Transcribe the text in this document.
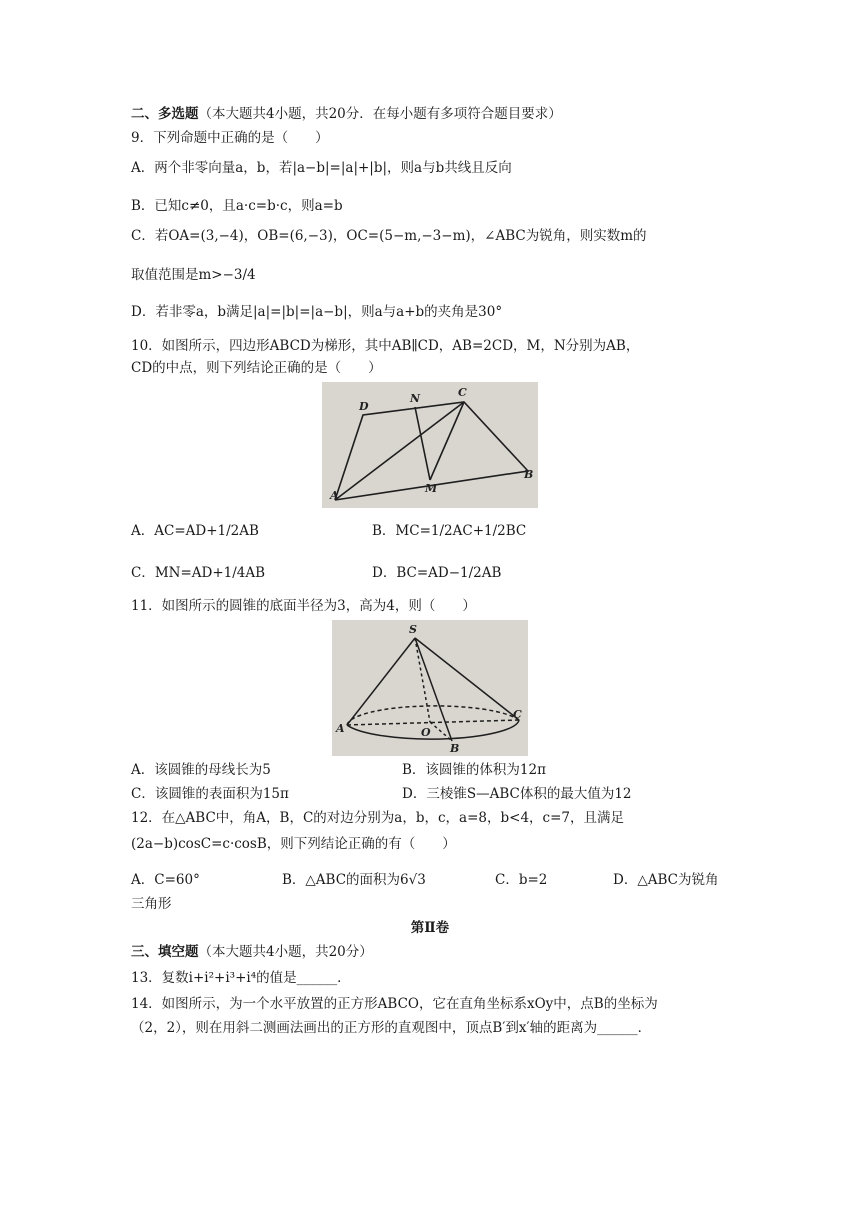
二、多选题（本大题共4小题，共20分．在每小题有多项符合题目要求）
9．下列命题中正确的是（　　）
A．两个非零向量a，b，若|a−b|=|a|+|b|，则a与b共线且反向
B．已知c≠0，且a·c=b·c，则a=b
C．若OA=(3,−4)，OB=(6,−3)，OC=(5−m,−3−m)，∠ABC为锐角，则实数m的
取值范围是m>−3/4
D．若非零a，b满足|a|=|b|=|a−b|，则a与a+b的夹角是30°
10．如图所示，四边形ABCD为梯形，其中AB∥CD，AB=2CD，M，N分别为AB，
CD的中点，则下列结论正确的是（　　）
D
N	C
A
M
B
A．AC=AD+1/2AB	B．MC=1/2AC+1/2BC
C．MN=AD+1/4AB	D．BC=AD−1/2AB
11．如图所示的圆锥的底面半径为3，高为4，则（　　）
S
A	O
B
C
A．该圆锥的母线长为5	B．该圆锥的体积为12π
C．该圆锥的表面积为15π	D．三棱锥S—ABC体积的最大值为12
12．在△ABC中，角A，B，C的对边分别为a，b，c，a=8，b<4，c=7，且满足
(2a−b)cosC=c·cosB，则下列结论正确的有（　　）
A．C=60°	B．△ABC的面积为6√3	C．b=2	D．△ABC为锐角
三角形
第Ⅱ卷
三、填空题（本大题共4小题，共20分）
13．复数i+i²+i³+i⁴的值是______．
14．如图所示，为一个水平放置的正方形ABCO，它在直角坐标系xOy中，点B的坐标为
（2，2），则在用斜二测画法画出的正方形的直观图中，顶点B′到x′轴的距离为______．
